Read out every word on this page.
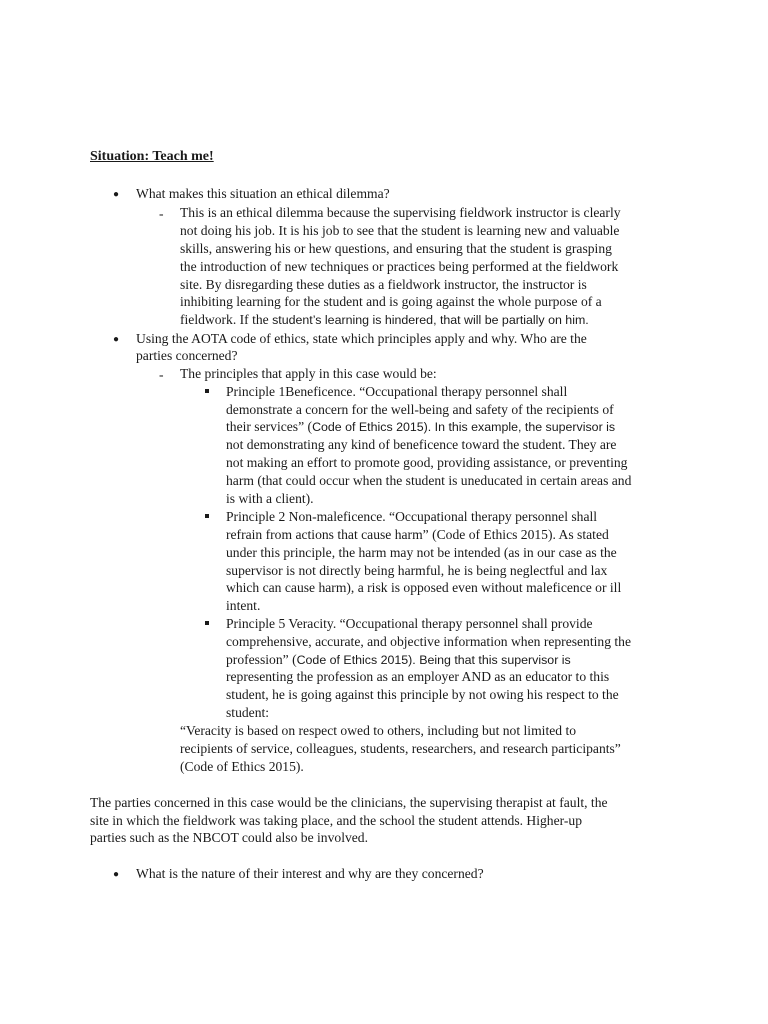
Situation: Teach me!
● What makes this situation an ethical dilemma?
- This is an ethical dilemma because the supervising fieldwork instructor is clearly
not doing his job. It is his job to see that the student is learning new and valuable
skills, answering his or hew questions, and ensuring that the student is grasping
the introduction of new techniques or practices being performed at the fieldwork
site. By disregarding these duties as a fieldwork instructor, the instructor is
inhibiting learning for the student and is going against the whole purpose of a
fieldwork. If the student’s learning is hindered, that will be partially on him.
● Using the AOTA code of ethics, state which principles apply and why. Who are the
parties concerned?
- The principles that apply in this case would be:
Principle 1Beneficence. “Occupational therapy personnel shall
demonstrate a concern for the well-being and safety of the recipients of
their services” (Code of Ethics 2015). In this example, the supervisor is
not demonstrating any kind of beneficence toward the student. They are
not making an effort to promote good, providing assistance, or preventing
harm (that could occur when the student is uneducated in certain areas and
is with a client).
Principle 2 Non-maleficence. “Occupational therapy personnel shall
refrain from actions that cause harm” (Code of Ethics 2015). As stated
under this principle, the harm may not be intended (as in our case as the
supervisor is not directly being harmful, he is being neglectful and lax
which can cause harm), a risk is opposed even without maleficence or ill
intent.
Principle 5 Veracity. “Occupational therapy personnel shall provide
comprehensive, accurate, and objective information when representing the
profession” (Code of Ethics 2015). Being that this supervisor is
representing the profession as an employer AND as an educator to this
student, he is going against this principle by not owing his respect to the
student:
“Veracity is based on respect owed to others, including but not limited to
recipients of service, colleagues, students, researchers, and research participants”
(Code of Ethics 2015).
The parties concerned in this case would be the clinicians, the supervising therapist at fault, the
site in which the fieldwork was taking place, and the school the student attends. Higher-up
parties such as the NBCOT could also be involved.
● What is the nature of their interest and why are they concerned?
